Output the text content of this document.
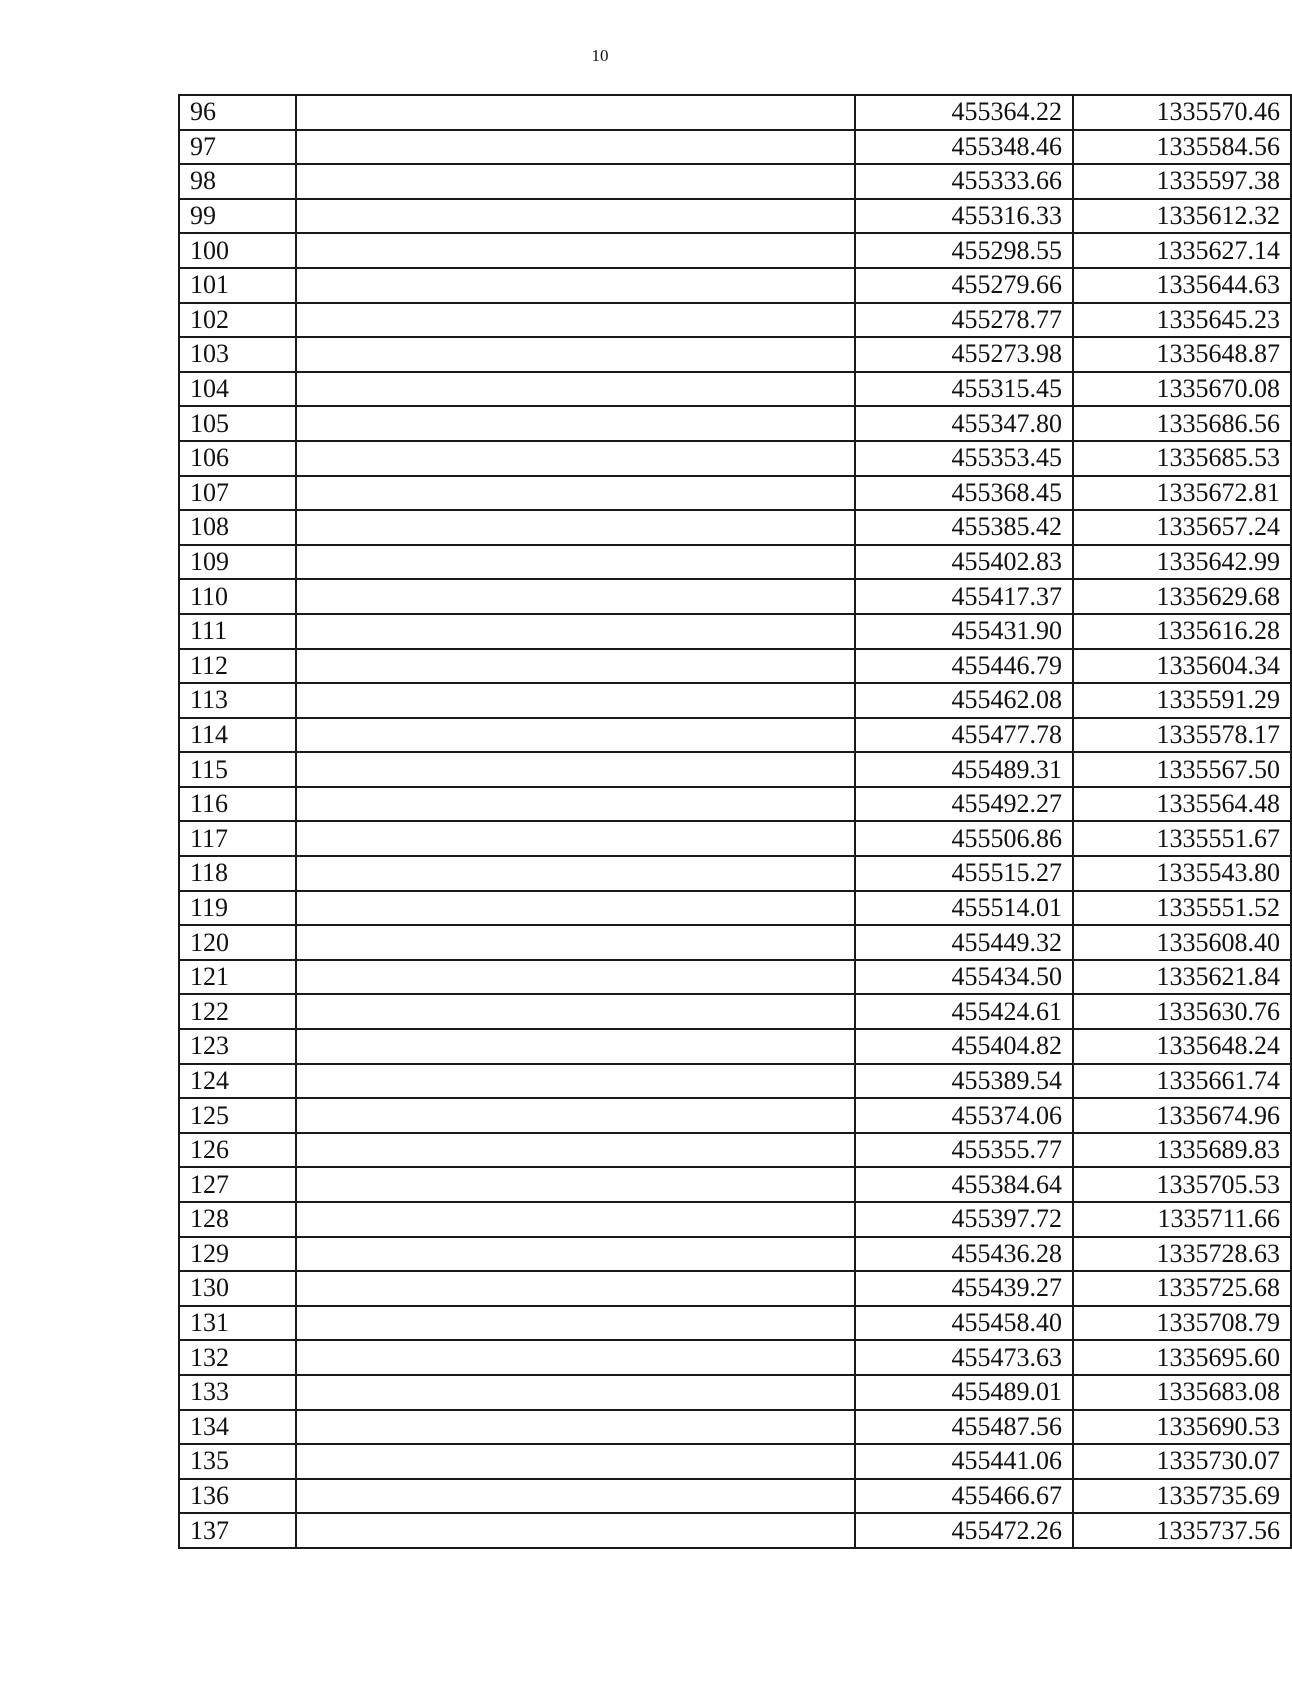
10
96		455364.22	1335570.46
97		455348.46	1335584.56
98		455333.66	1335597.38
99		455316.33	1335612.32
100		455298.55	1335627.14
101		455279.66	1335644.63
102		455278.77	1335645.23
103		455273.98	1335648.87
104		455315.45	1335670.08
105		455347.80	1335686.56
106		455353.45	1335685.53
107		455368.45	1335672.81
108		455385.42	1335657.24
109		455402.83	1335642.99
110		455417.37	1335629.68
111		455431.90	1335616.28
112		455446.79	1335604.34
113		455462.08	1335591.29
114		455477.78	1335578.17
115		455489.31	1335567.50
116		455492.27	1335564.48
117		455506.86	1335551.67
118		455515.27	1335543.80
119		455514.01	1335551.52
120		455449.32	1335608.40
121		455434.50	1335621.84
122		455424.61	1335630.76
123		455404.82	1335648.24
124		455389.54	1335661.74
125		455374.06	1335674.96
126		455355.77	1335689.83
127		455384.64	1335705.53
128		455397.72	1335711.66
129		455436.28	1335728.63
130		455439.27	1335725.68
131		455458.40	1335708.79
132		455473.63	1335695.60
133		455489.01	1335683.08
134		455487.56	1335690.53
135		455441.06	1335730.07
136		455466.67	1335735.69
137		455472.26	1335737.56
